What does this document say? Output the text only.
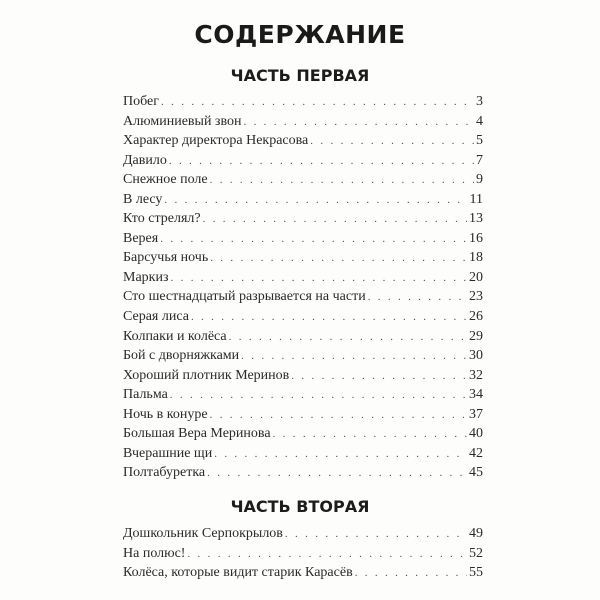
СОДЕРЖАНИЕ
ЧАСТЬ ПЕРВАЯ
Побег . . .	3
Алюминиевый звон . . .	4
Характер директора Некрасова . . .	5
Давило . . .	7
Снежное поле . . .	9
В лесу . . .	11
Кто стрелял? . . .	13
Верея . . .	16
Барсучья ночь . . .	18
Маркиз . . .	20
Сто шестнадцатый разрывается на части . . .	23
Серая лиса . . .	26
Колпаки и колёса . . .	29
Бой с дворняжками . . .	30
Хороший плотник Меринов . . .	32
Пальма . . .	34
Ночь в конуре . . .	37
Большая Вера Меринова . . .	40
Вчерашние щи . . .	42
Полтабуретка . . .	45
ЧАСТЬ ВТОРАЯ
Дошкольник Серпокрылов . . .	49
На полюс! . . .	52
Колёса, которые видит старик Карасёв . . .	55
